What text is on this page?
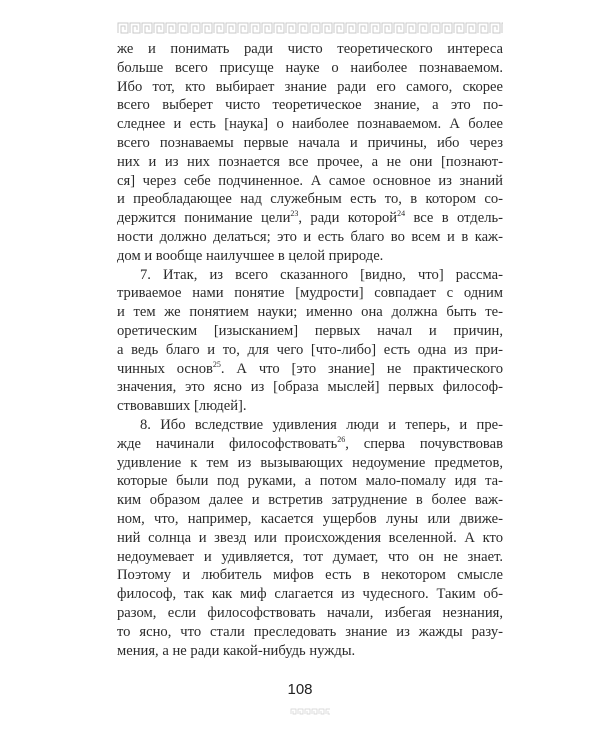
же и понимать ради чисто теоретического интереса
больше всего присуще науке о наиболее познаваемом.
Ибо тот, кто выбирает знание ради его самого, скорее
всего выберет чисто теоретическое знание, а это по-
следнее и есть [наука] о наиболее познаваемом. А более
всего познаваемы первые начала и причины, ибо через
них и из них познается все прочее, а не они [познают-
ся] через себе подчиненное. А самое основное из знаний
и преобладающее над служебным есть то, в котором со-
держится понимание цели$^{23}$, ради которой$^{24}$ все в отдель-
ности должно делаться; это и есть благо во всем и в каж-
дом и вообще наилучшее в целой природе.
7. Итак, из всего сказанного [видно, что] рассма-
триваемое нами понятие [мудрости] совпадает с одним
и тем же понятием науки; именно она должна быть те-
оретическим [изысканием] первых начал и причин,
а ведь благо и то, для чего [что-либо] есть одна из при-
чинных основ$^{25}$. А что [это знание] не практического
значения, это ясно из [образа мыслей] первых философ-
ствовавших [людей].
8. Ибо вследствие удивления люди и теперь, и пре-
жде начинали философствовать$^{26}$, сперва почувствовав
удивление к тем из вызывающих недоумение предметов,
которые были под руками, а потом мало-помалу идя та-
ким образом далее и встретив затруднение в более важ-
ном, что, например, касается ущербов луны или движе-
ний солнца и звезд или происхождения вселенной. А кто
недоумевает и удивляется, тот думает, что он не знает.
Поэтому и любитель мифов есть в некотором смысле
философ, так как миф слагается из чудесного. Таким об-
разом, если философствовать начали, избегая незнания,
то ясно, что стали преследовать знание из жажды разу-
мения, а не ради какой-нибудь нужды.
108
